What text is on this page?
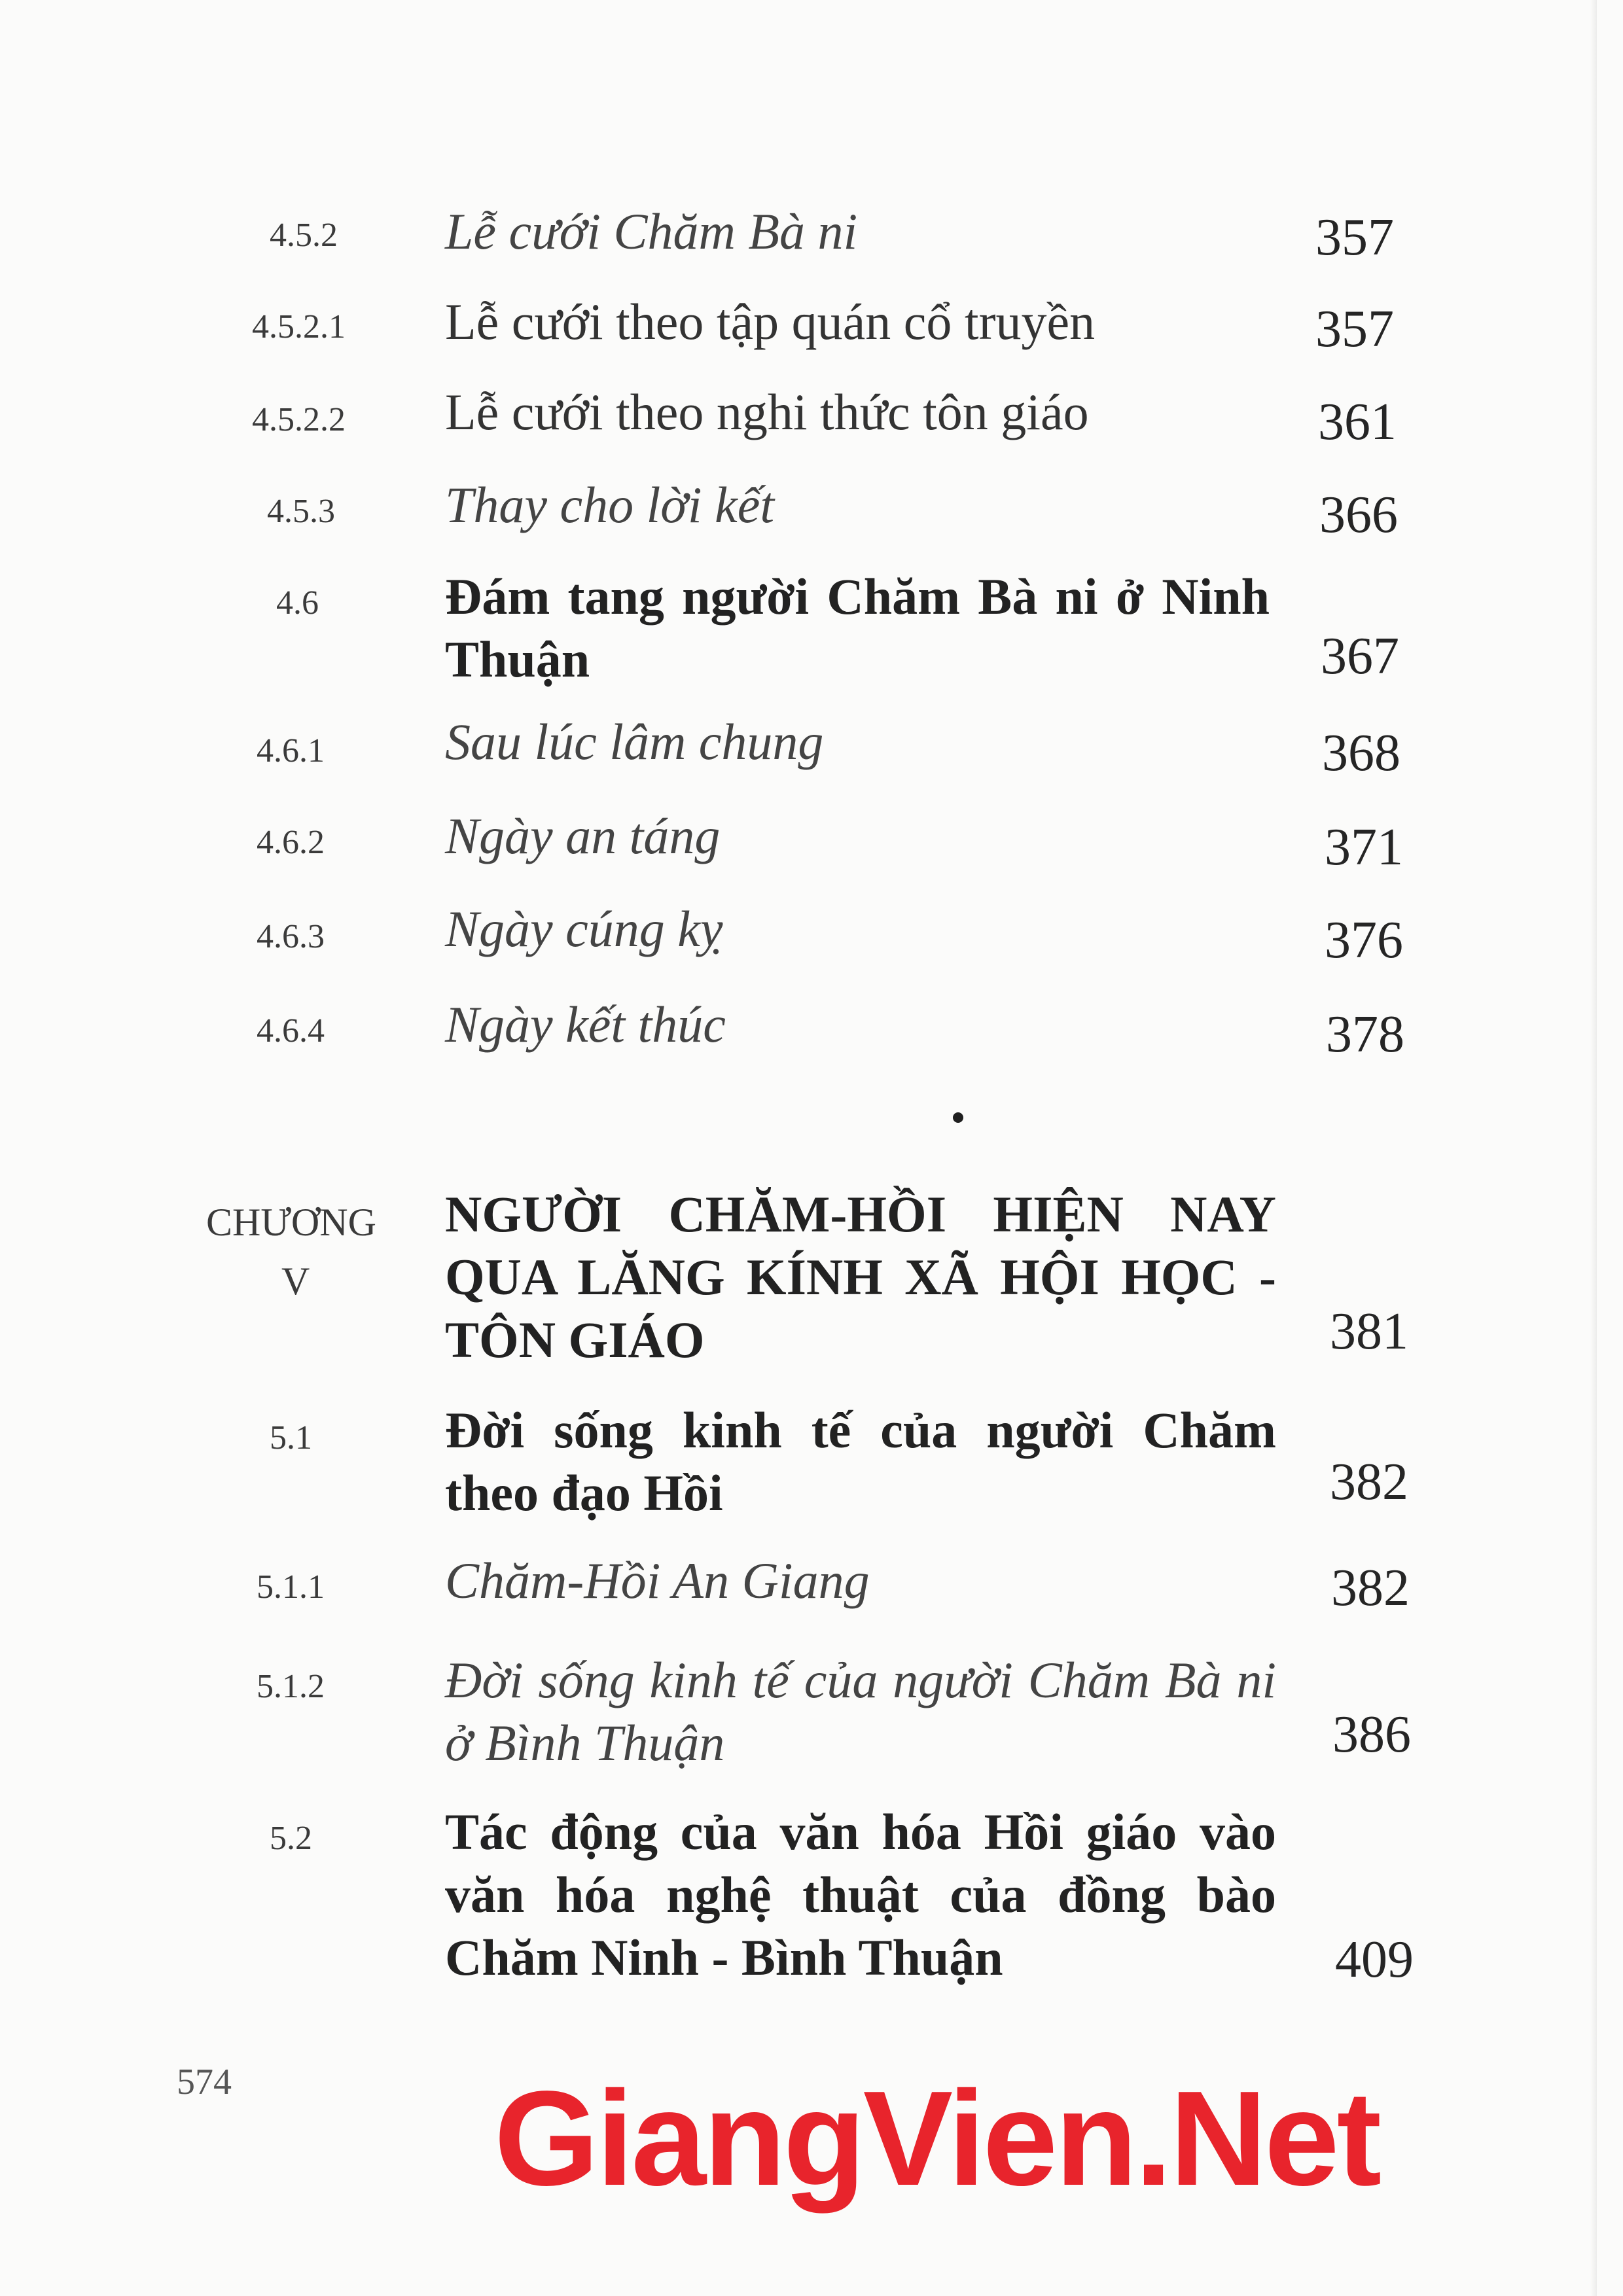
4.5.2 Lễ cưới Chăm Bà ni	357
4.5.2.1 Lễ cưới theo tập quán cổ truyền	357
4.5.2.2 Lễ cưới theo nghi thức tôn giáo	361
4.5.3 Thay cho lời kết	366
4.6 Đám tang người Chăm Bà ni ở Ninh Thuận	367
4.6.1 Sau lúc lâm chung	368
4.6.2 Ngày an táng	371
4.6.3 Ngày cúng kỵ	376
4.6.4 Ngày kết thúc	378
CHƯƠNG
V
NGƯỜI CHĂM-HỒI HIỆN NAY QUA LĂNG KÍNH XÃ HỘI HỌC - TÔN GIÁO	381
5.1	Đời sống kinh tế của người Chăm theo đạo Hồi	382
5.1.1 Chăm-Hồi An Giang	382
5.1.2 Đời sống kinh tế của người Chăm Bà ni ở Bình Thuận	386
5.2	Tác động của văn hóa Hồi giáo vào văn hóa nghệ thuật của đồng bào Chăm Ninh - Bình Thuận	409
574 GiangVien.Net
